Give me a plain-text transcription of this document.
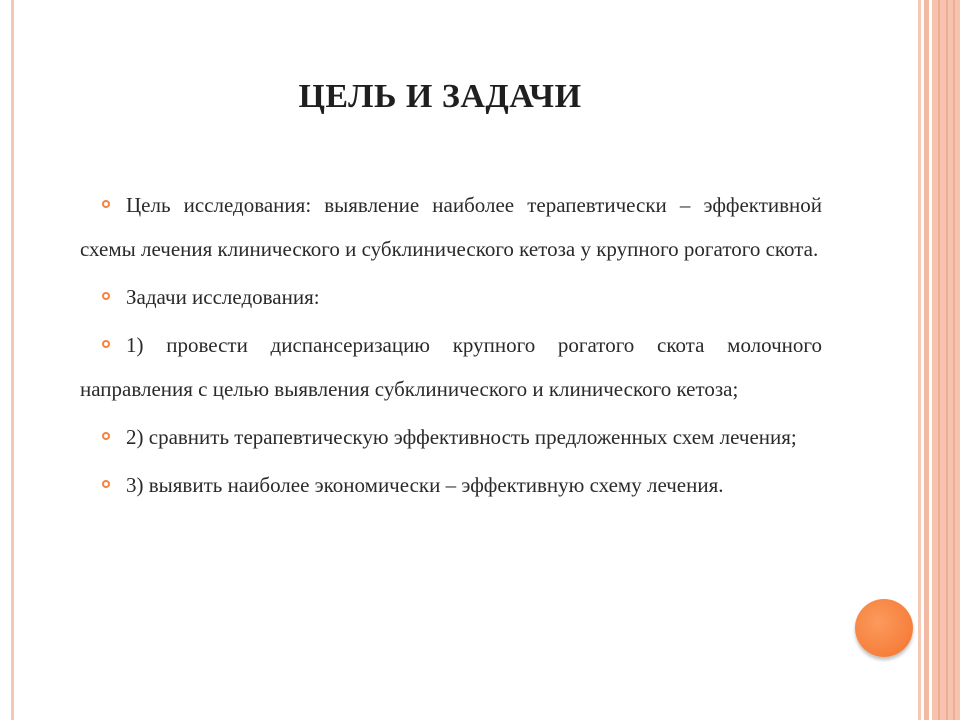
ЦЕЛЬ И ЗАДАЧИ

Цель исследования: выявление наиболее терапевтически – эффективной схемы лечения клинического и субклинического кетоза у крупного рогатого скота.

Задачи исследования:

1) провести диспансеризацию крупного рогатого скота молочного направления с целью выявления субклинического и клинического кетоза;

2) сравнить терапевтическую эффективность предложенных схем лечения;

3) выявить наиболее экономически – эффективную схему лечения.
